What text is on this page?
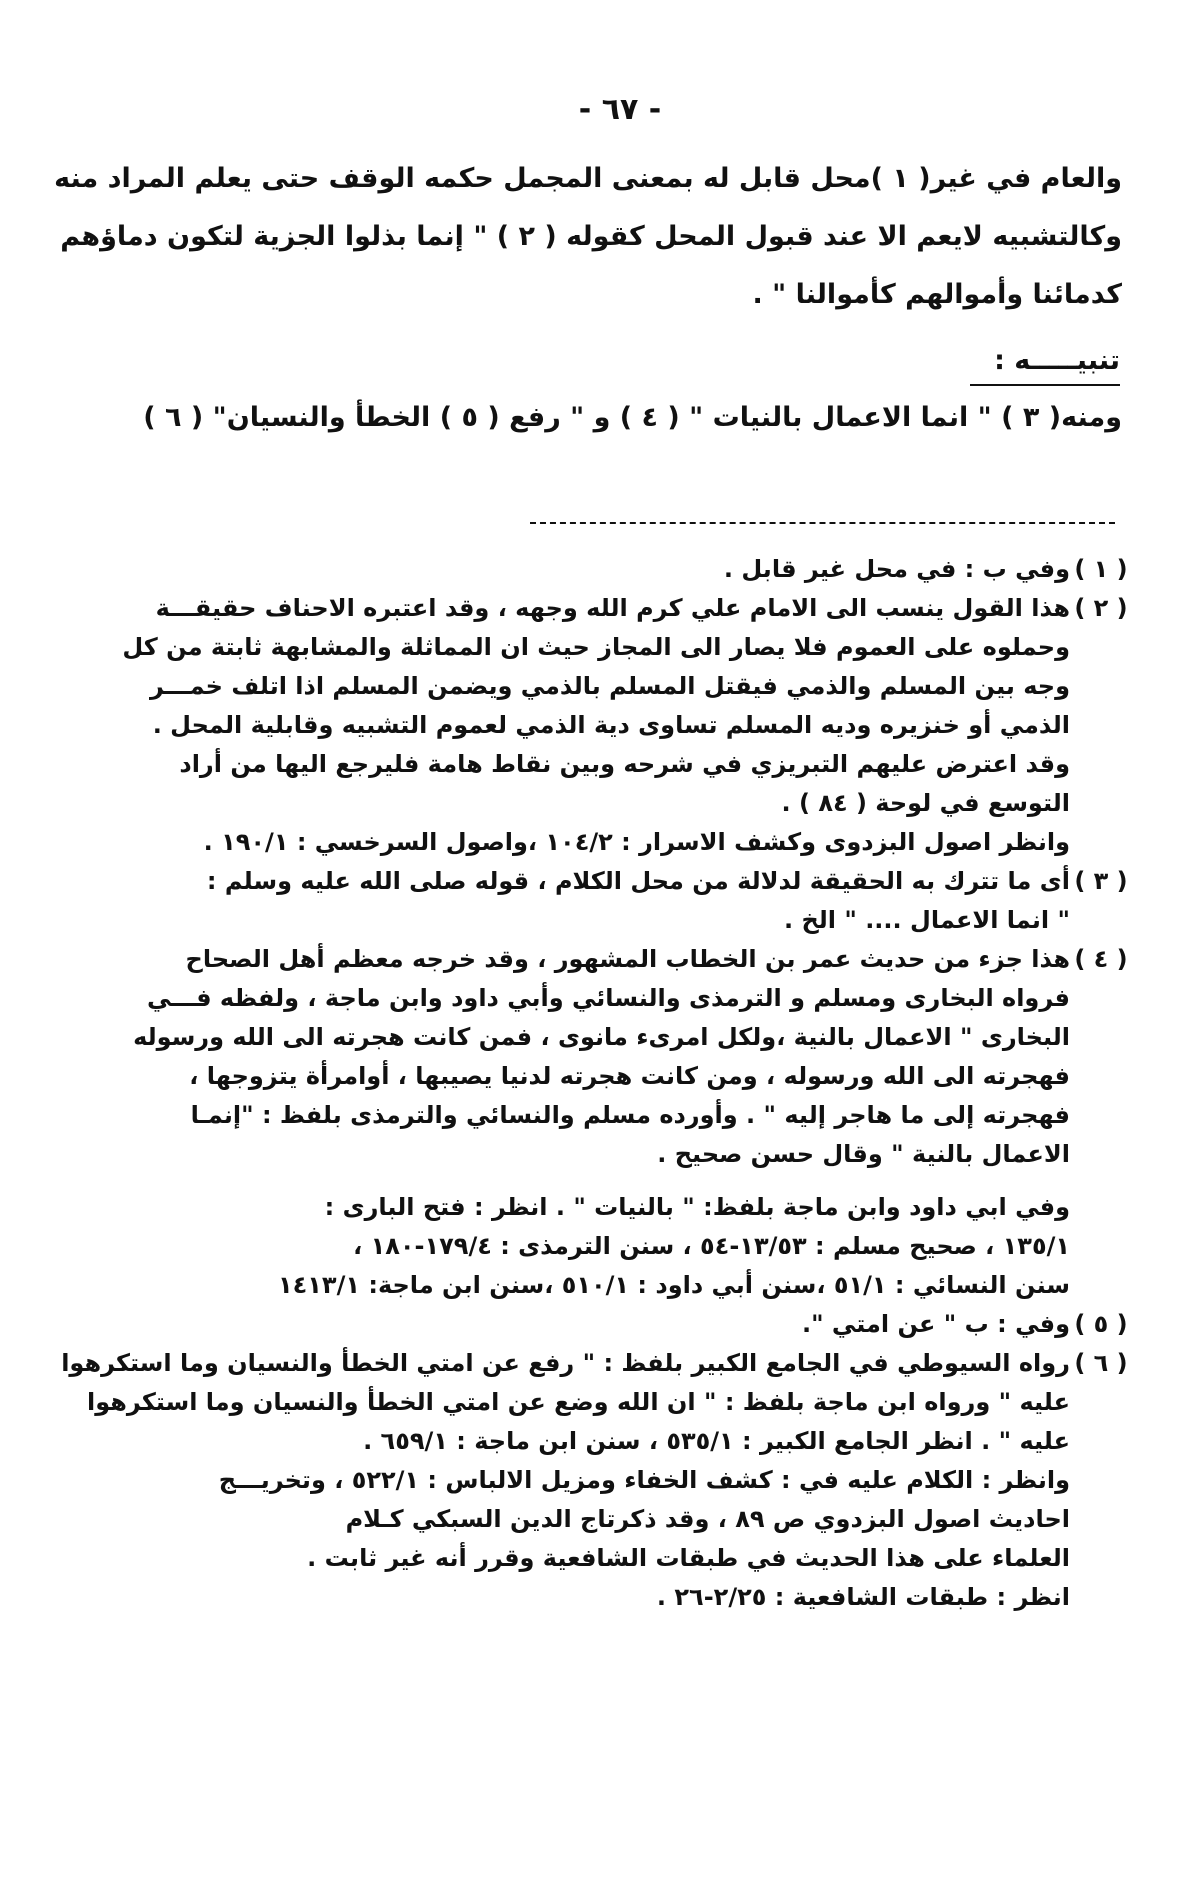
- ٦٧ -
والعام في غير( ١ )محل قابل له بمعنى المجمل حكمه الوقف حتى يعلم المراد منه
وكالتشبيه لايعم الا عند قبول المحل كقوله ( ٢ ) " إنما بذلوا الجزية لتكون دماؤهم
كدمائنا وأموالهم كأموالنا " .
تنبيـــــه :
ومنه( ٣ ) " انما الاعمال بالنيات " ( ٤ ) و " رفع ( ٥ ) الخطأ والنسيان" ( ٦ )
( ١ )
وفي ب : في محل غير قابل .
( ٢ )
هذا القول ينسب الى الامام علي كرم الله وجهه ، وقد اعتبره الاحناف حقيقـــة
وحملوه على العموم فلا يصار الى المجاز حيث ان المماثلة والمشابهة ثابتة من كل
وجه بين المسلم والذمي فيقتل المسلم بالذمي ويضمن المسلم اذا اتلف خمـــر
الذمي أو خنزيره وديه المسلم تساوى دية الذمي لعموم التشبيه وقابلية المحل .
وقد اعترض عليهم التبريزي في شرحه وبين نقاط هامة فليرجع اليها من أراد
التوسع في لوحة ( ٨٤ ) .
وانظر اصول البزدوى وكشف الاسرار : ١٠٤/٢ ،واصول السرخسي : ١٩٠/١ .
( ٣ )
أى ما تترك به الحقيقة لدلالة من محل الكلام ، قوله صلى الله عليه وسلم :
" انما الاعمال .... " الخ .
( ٤ )
هذا جزء من حديث عمر بن الخطاب المشهور ، وقد خرجه معظم أهل الصحاح
فرواه البخارى ومسلم و الترمذى والنسائي وأبي داود وابن ماجة ، ولفظه فـــي
البخارى " الاعمال بالنية ،ولكل امرىء مانوى ، فمن كانت هجرته الى الله ورسوله
فهجرته الى الله ورسوله ، ومن كانت هجرته لدنيا يصيبها ، أوامرأة يتزوجها ،
فهجرته إلى ما هاجر إليه " . وأورده مسلم والنسائي والترمذى بلفظ : "إنمـا
الاعمال بالنية " وقال حسن صحيح .
وفي ابي داود وابن ماجة بلفظ: " بالنيات " . انظر : فتح البارى :
١٣٥/١ ، صحيح مسلم : ١٣/٥٣-٥٤ ، سنن الترمذى : ١٧٩/٤-١٨٠ ،
سنن النسائي : ٥١/١ ،سنن أبي داود : ٥١٠/١ ،سنن ابن ماجة: ١٤١٣/١
( ٥ )
وفي : ب " عن امتي ".
( ٦ )
رواه السيوطي في الجامع الكبير بلفظ : " رفع عن امتي الخطأ والنسيان وما استكرهوا
عليه " ورواه ابن ماجة بلفظ : " ان الله وضع عن امتي الخطأ والنسيان وما استكرهوا
عليه " . انظر الجامع الكبير : ٥٣٥/١ ، سنن ابن ماجة : ٦٥٩/١ .
وانظر : الكلام عليه في : كشف الخفاء ومزيل الالباس : ٥٢٢/١ ، وتخريـــج
احاديث اصول البزدوي ص ٨٩ ، وقد ذكرتاج الدين السبكي كـلام
العلماء على هذا الحديث في طبقات الشافعية وقرر أنه غير ثابت .
انظر : طبقات الشافعية : ٢/٢٥-٢٦ .
